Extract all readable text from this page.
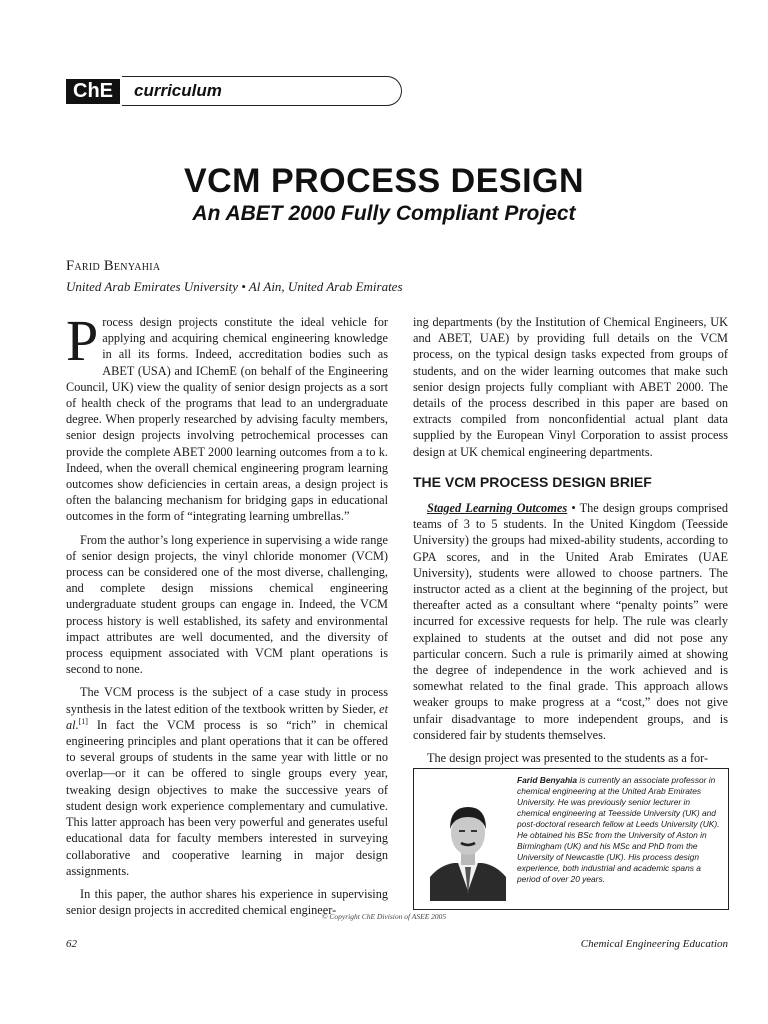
ChE	curriculum
VCM PROCESS DESIGN
An ABET 2000 Fully Compliant Project
Farid Benyahia
United Arab Emirates University • Al Ain, United Arab Emirates

Process design projects constitute the ideal vehicle for applying and acquiring chemical engineering knowledge in all its forms. Indeed, accreditation bodies such as ABET (USA) and IChemE (on behalf of the Engineering Council, UK) view the quality of senior design projects as a sort of health check of the programs that lead to an undergraduate degree. When properly researched by advising faculty members, senior design projects involving petrochemical processes can provide the complete ABET 2000 learning outcomes from a to k. Indeed, when the overall chemical engineering program learning outcomes show deficiencies in certain areas, a design project is often the balancing mechanism for bridging gaps in educational outcomes in the form of “integrating learning umbrellas.”

From the author’s long experience in supervising a wide range of senior design projects, the vinyl chloride monomer (VCM) process can be considered one of the most diverse, challenging, and complete design missions chemical engineering undergraduate student groups can engage in. Indeed, the VCM process history is well established, its safety and environmental impact attributes are well documented, and the diversity of process equipment associated with VCM plant operations is second to none.

The VCM process is the subject of a case study in process synthesis in the latest edition of the textbook written by Sieder, et al.[1] In fact the VCM process is so “rich” in chemical engineering principles and plant operations that it can be offered to several groups of students in the same year with little or no overlap—or it can be offered to single groups every year, tweaking design objectives to make the successive years of student design work experience complementary and cumulative. This latter approach has been very powerful and generates useful educational data for faculty members interested in surveying collaborative and cooperative learning in major design assignments.

In this paper, the author shares his experience in supervising senior design projects in accredited chemical engineer-

ing departments (by the Institution of Chemical Engineers, UK and ABET, UAE) by providing full details on the VCM process, on the typical design tasks expected from groups of students, and on the wider learning outcomes that make such senior design projects fully compliant with ABET 2000. The details of the process described in this paper are based on extracts compiled from nonconfidential actual plant data supplied by the European Vinyl Corporation to assist process design at UK chemical engineering departments.

THE VCM PROCESS DESIGN BRIEF

Staged Learning Outcomes • The design groups comprised teams of 3 to 5 students. In the United Kingdom (Teesside University) the groups had mixed-ability students, according to GPA scores, and in the United Arab Emirates (UAE University), students were allowed to choose partners. The instructor acted as a client at the beginning of the project, but thereafter acted as a consultant where “penalty points” were incurred for excessive requests for help. The rule was clearly explained to students at the outset and did not pose any particular concern. Such a rule is primarily aimed at showing the degree of independence in the work achieved and is somewhat related to the final grade. This approach allows weaker groups to make progress at a “cost,” does not give unfair disadvantage to more independent groups, and is considered fair by students themselves.

The design project was presented to the students as a for-

Farid Benyahia is currently an associate professor in chemical engineering at the United Arab Emirates University. He was previously senior lecturer in chemical engineering at Teesside University (UK) and post-doctoral research fellow at Leeds University (UK). He obtained his BSc from the University of Aston in Birmingham (UK) and his MSc and PhD from the University of Newcastle (UK). His process design experience, both industrial and academic spans a period of over 20 years.
© Copyright ChE Division of ASEE 2005
62	Chemical Engineering Education
